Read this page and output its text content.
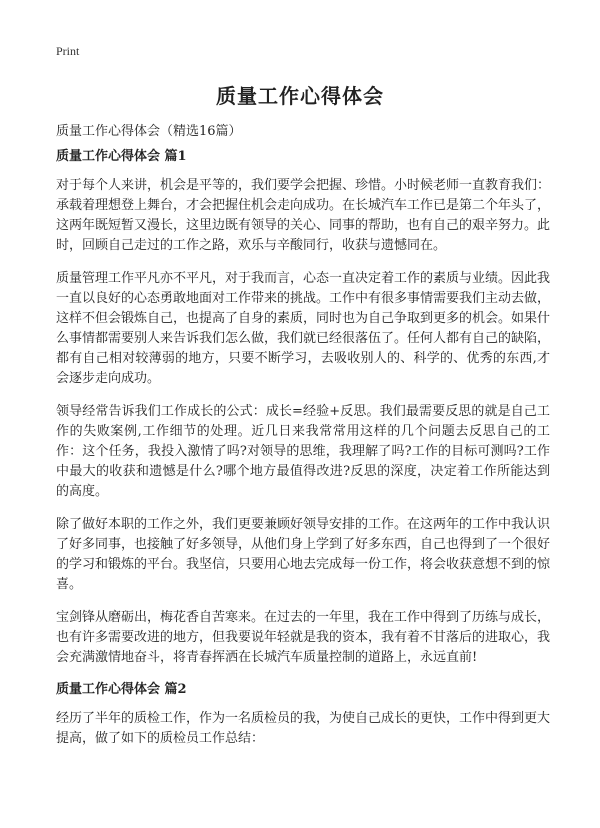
Print
质量工作心得体会

质量工作心得体会（精选16篇）

质量工作心得体会 篇1

对于每个人来讲，机会是平等的，我们要学会把握、珍惜。小时候老师一直教育我们：承载着理想登上舞台，才会把握住机会走向成功。在长城汽车工作已是第二个年头了，这两年既短暂又漫长，这里边既有领导的关心、同事的帮助，也有自己的艰辛努力。此时，回顾自己走过的工作之路，欢乐与辛酸同行，收获与遗憾同在。

质量管理工作平凡亦不平凡，对于我而言，心态一直决定着工作的素质与业绩。因此我一直以良好的心态勇敢地面对工作带来的挑战。工作中有很多事情需要我们主动去做，这样不但会锻炼自己，也提高了自身的素质，同时也为自己争取到更多的机会。如果什么事情都需要别人来告诉我们怎么做，我们就已经很落伍了。任何人都有自己的缺陷，都有自己相对较薄弱的地方，只要不断学习，去吸收别人的、科学的、优秀的东西,才会逐步走向成功。

领导经常告诉我们工作成长的公式：成长=经验+反思。我们最需要反思的就是自己工作的失败案例,工作细节的处理。近几日来我常常用这样的几个问题去反思自己的工作：这个任务，我投入激情了吗?对领导的思维，我理解了吗?工作的目标可测吗?工作中最大的收获和遗憾是什么?哪个地方最值得改进?反思的深度，决定着工作所能达到的高度。

除了做好本职的工作之外，我们更要兼顾好领导安排的工作。在这两年的工作中我认识了好多同事，也接触了好多领导，从他们身上学到了好多东西，自己也得到了一个很好的学习和锻炼的平台。我坚信，只要用心地去完成每一份工作，将会收获意想不到的惊喜。

宝剑锋从磨砺出，梅花香自苦寒来。在过去的一年里，我在工作中得到了历练与成长，也有许多需要改进的地方，但我要说年轻就是我的资本，我有着不甘落后的进取心，我会充满激情地奋斗，将青春挥洒在长城汽车质量控制的道路上，永远直前!

质量工作心得体会 篇2

经历了半年的质检工作，作为一名质检员的我，为使自己成长的更快，工作中得到更大提高，做了如下的质检员工作总结：
